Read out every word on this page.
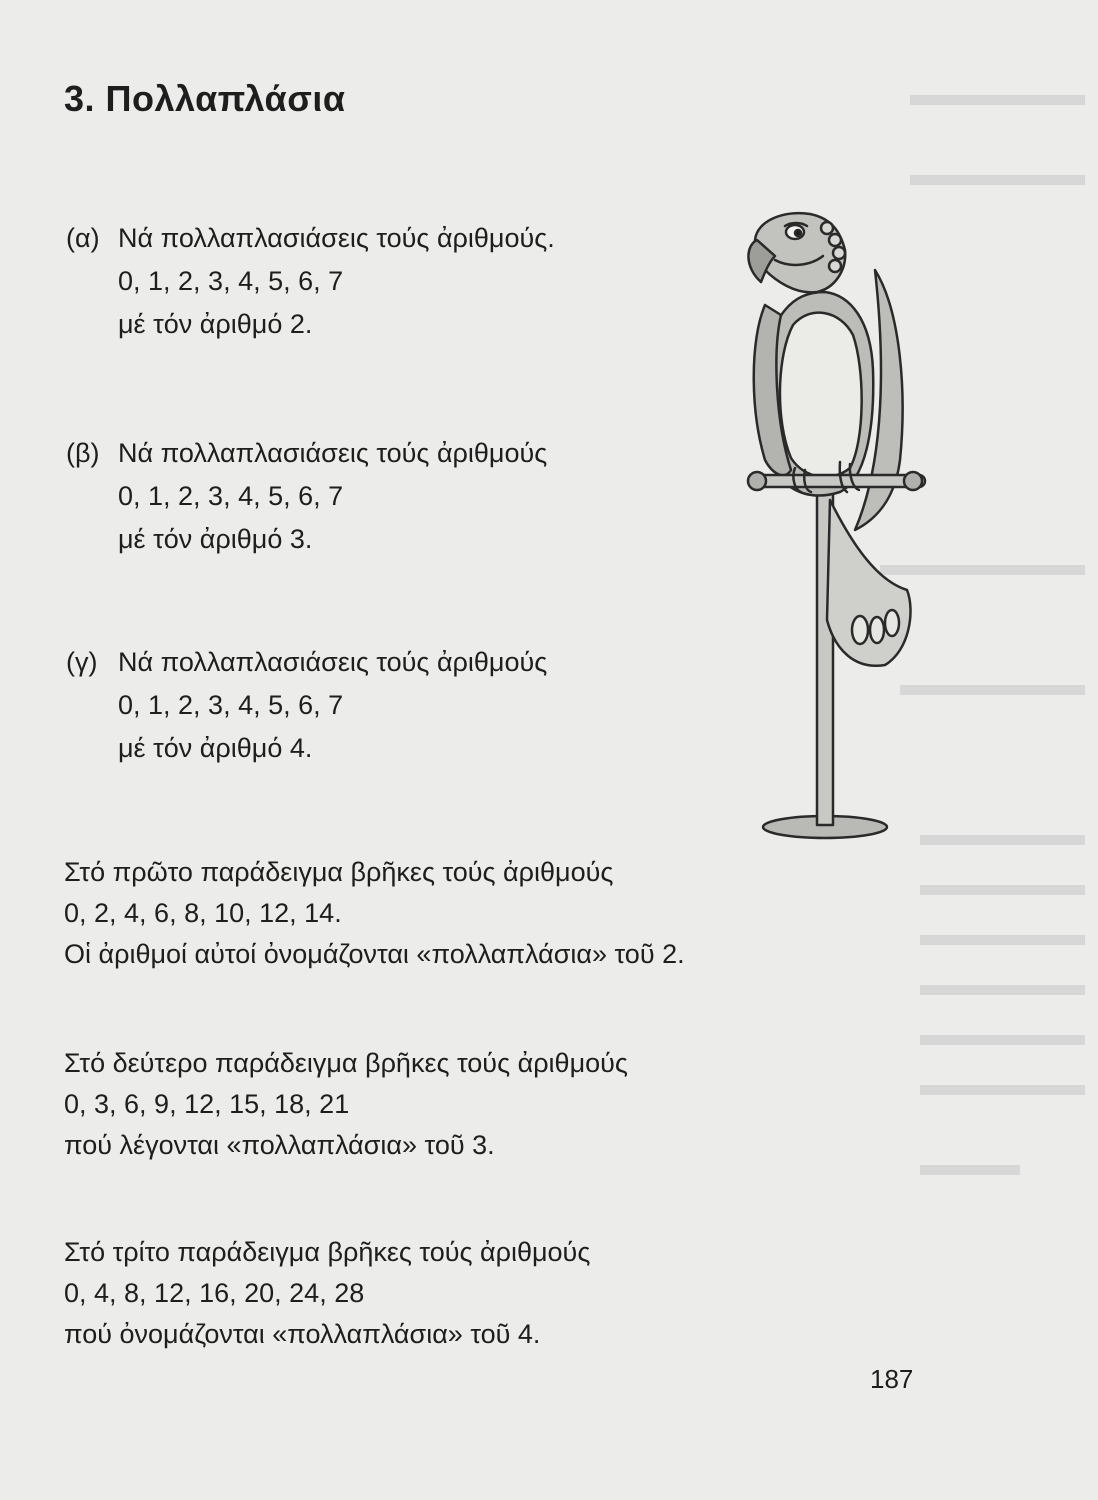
3. Πολλαπλάσια
(α) Νά πολλαπλασιάσεις τούς ἀριθμούς.
0, 1, 2, 3, 4, 5, 6, 7
μέ τόν ἀριθμό 2.
(β) Νά πολλαπλασιάσεις τούς ἀριθμούς
0, 1, 2, 3, 4, 5, 6, 7
μέ τόν ἀριθμό 3.
(γ) Νά πολλαπλασιάσεις τούς ἀριθμούς
0, 1, 2, 3, 4, 5, 6, 7
μέ τόν ἀριθμό 4.
Στό πρῶτο παράδειγμα βρῆκες τούς ἀριθμούς
0, 2, 4, 6, 8, 10, 12, 14.
Οἱ ἀριθμοί αὐτοί ὀνομάζονται «πολλαπλάσια» τοῦ 2.
Στό δεύτερο παράδειγμα βρῆκες τούς ἀριθμούς
0, 3, 6, 9, 12, 15, 18, 21
πού λέγονται «πολλαπλάσια» τοῦ 3.
Στό τρίτο παράδειγμα βρῆκες τούς ἀριθμούς
0, 4, 8, 12, 16, 20, 24, 28
πού ὀνομάζονται «πολλαπλάσια» τοῦ 4.
187
